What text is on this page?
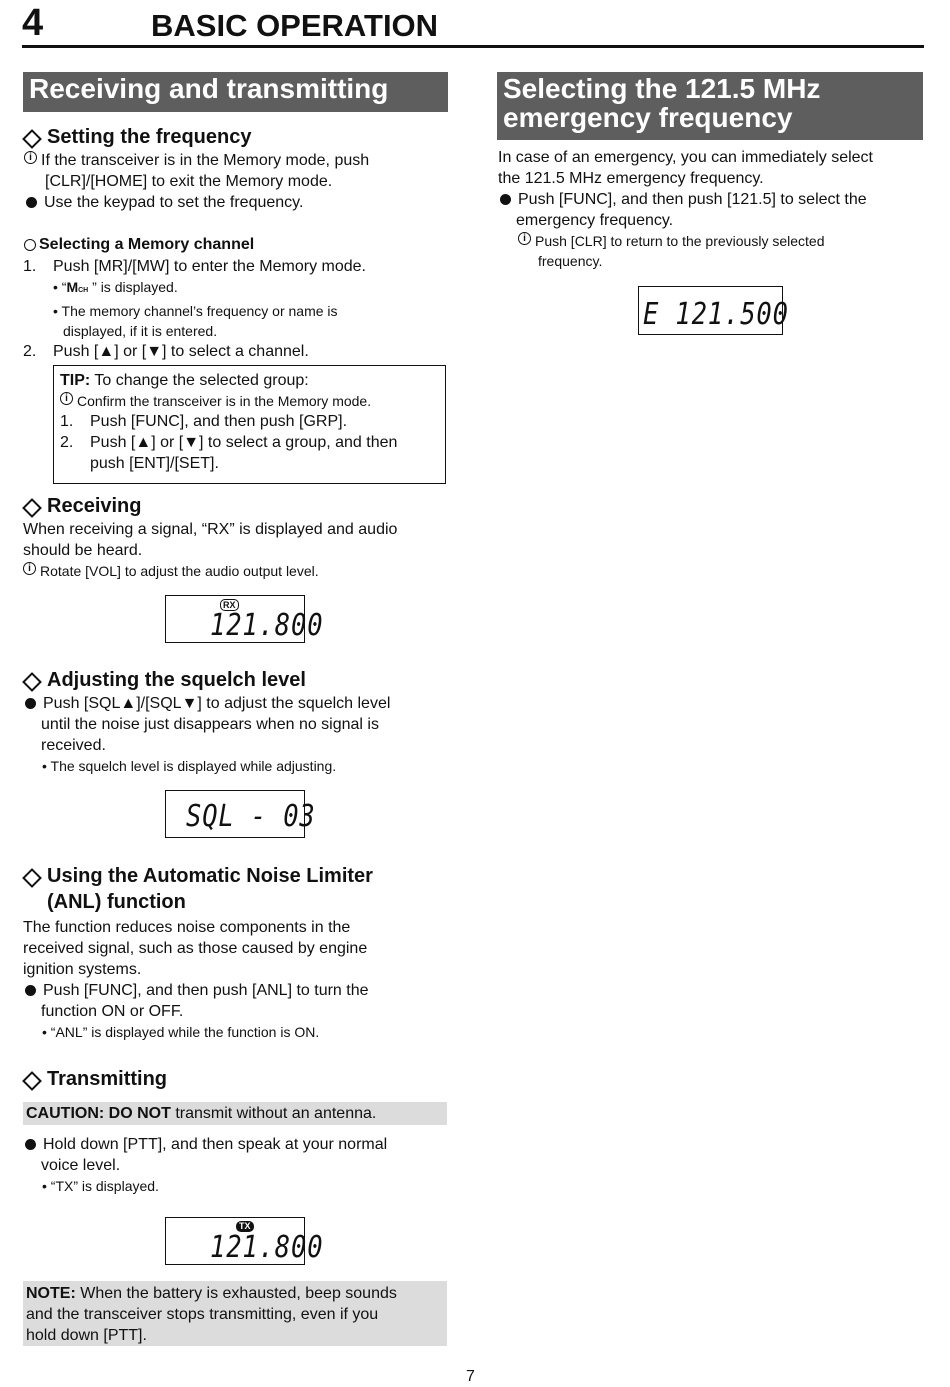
4	BASIC OPERATION
Receiving and transmitting
Setting the frequency
i If the transceiver is in the Memory mode, push
[CLR]/[HOME] to exit the Memory mode.
Use the keypad to set the frequency.
Selecting a Memory channel
1.	Push [MR]/[MW] to enter the Memory mode.
• “MCH ” is displayed.
• The memory channel’s frequency or name is
displayed, if it is entered.
2.	Push [▲] or [▼] to select a channel.
TIP: To change the selected group:
i Confirm the transceiver is in the Memory mode.
1.	Push [FUNC], and then push [GRP].
2.	Push [▲] or [▼] to select a group, and then
push [ENT]/[SET].
Receiving
When receiving a signal, “RX” is displayed and audio
should be heard.
i Rotate [VOL] to adjust the audio output level.
RX
121.800
Adjusting the squelch level
Push [SQL▲]/[SQL▼] to adjust the squelch level
until the noise just disappears when no signal is
received.
• The squelch level is displayed while adjusting.
SQL - 03
Using the Automatic Noise Limiter
(ANL) function
The function reduces noise components in the
received signal, such as those caused by engine
ignition systems.
Push [FUNC], and then push [ANL] to turn the
function ON or OFF.
• “ANL” is displayed while the function is ON.
Transmitting
CAUTION: DO NOT transmit without an antenna.
Hold down [PTT], and then speak at your normal
voice level.
• “TX” is displayed.
TX
121.800
NOTE: When the battery is exhausted, beep sounds
and the transceiver stops transmitting, even if you
hold down [PTT].
Selecting the 121.5 MHz
emergency frequency
In case of an emergency, you can immediately select
the 121.5 MHz emergency frequency.
Push [FUNC], and then push [121.5] to select the
emergency frequency.
i Push [CLR] to return to the previously selected
frequency.
E 121.500
7
